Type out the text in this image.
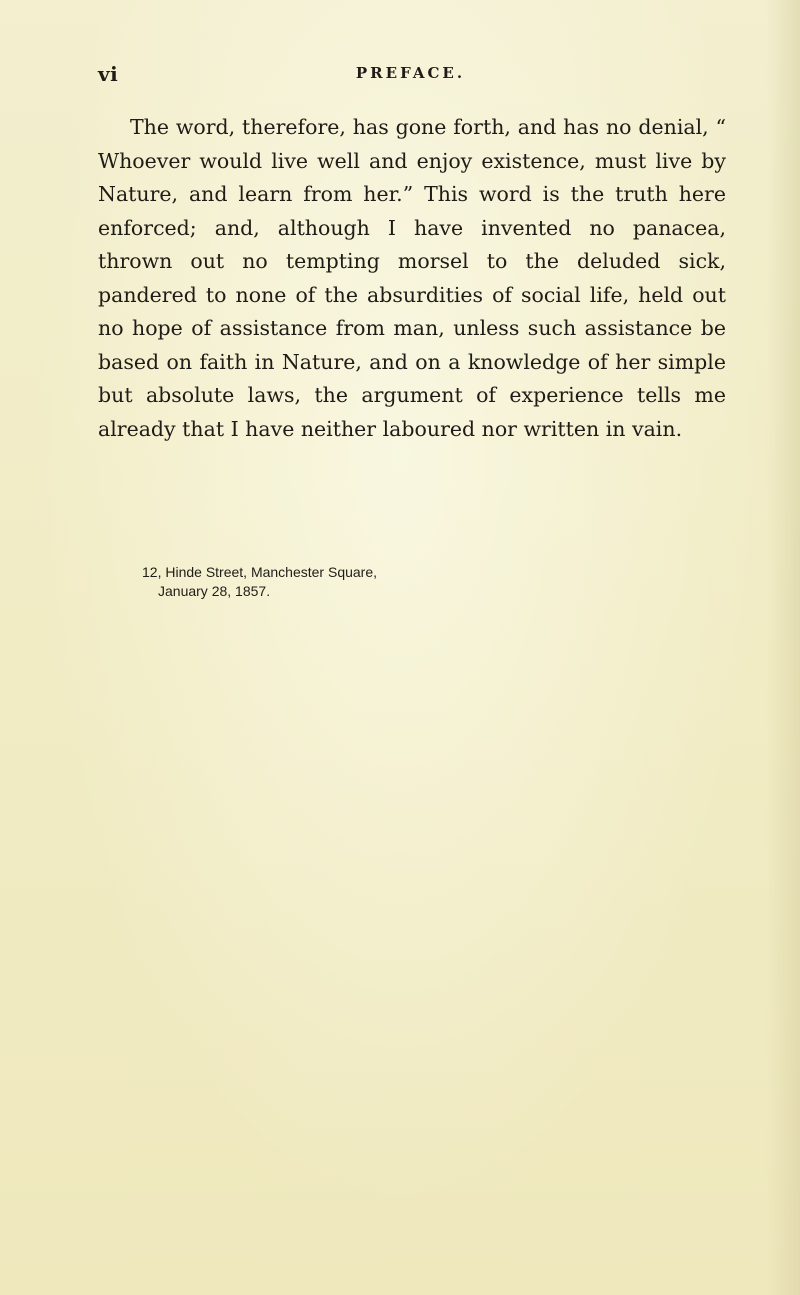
vi	PREFACE.

The word, therefore, has gone forth, and has no denial, “ Whoever would live well and enjoy existence, must live by Nature, and learn from her.” This word is the truth here enforced; and, although I have invented no panacea, thrown out no tempting morsel to the deluded sick, pandered to none of the absurdities of social life, held out no hope of assistance from man, unless such assistance be based on faith in Nature, and on a knowledge of her simple but absolute laws, the argument of experience tells me already that I have neither laboured nor written in vain.

12, Hinde Street, Manchester Square,

January 28, 1857.
